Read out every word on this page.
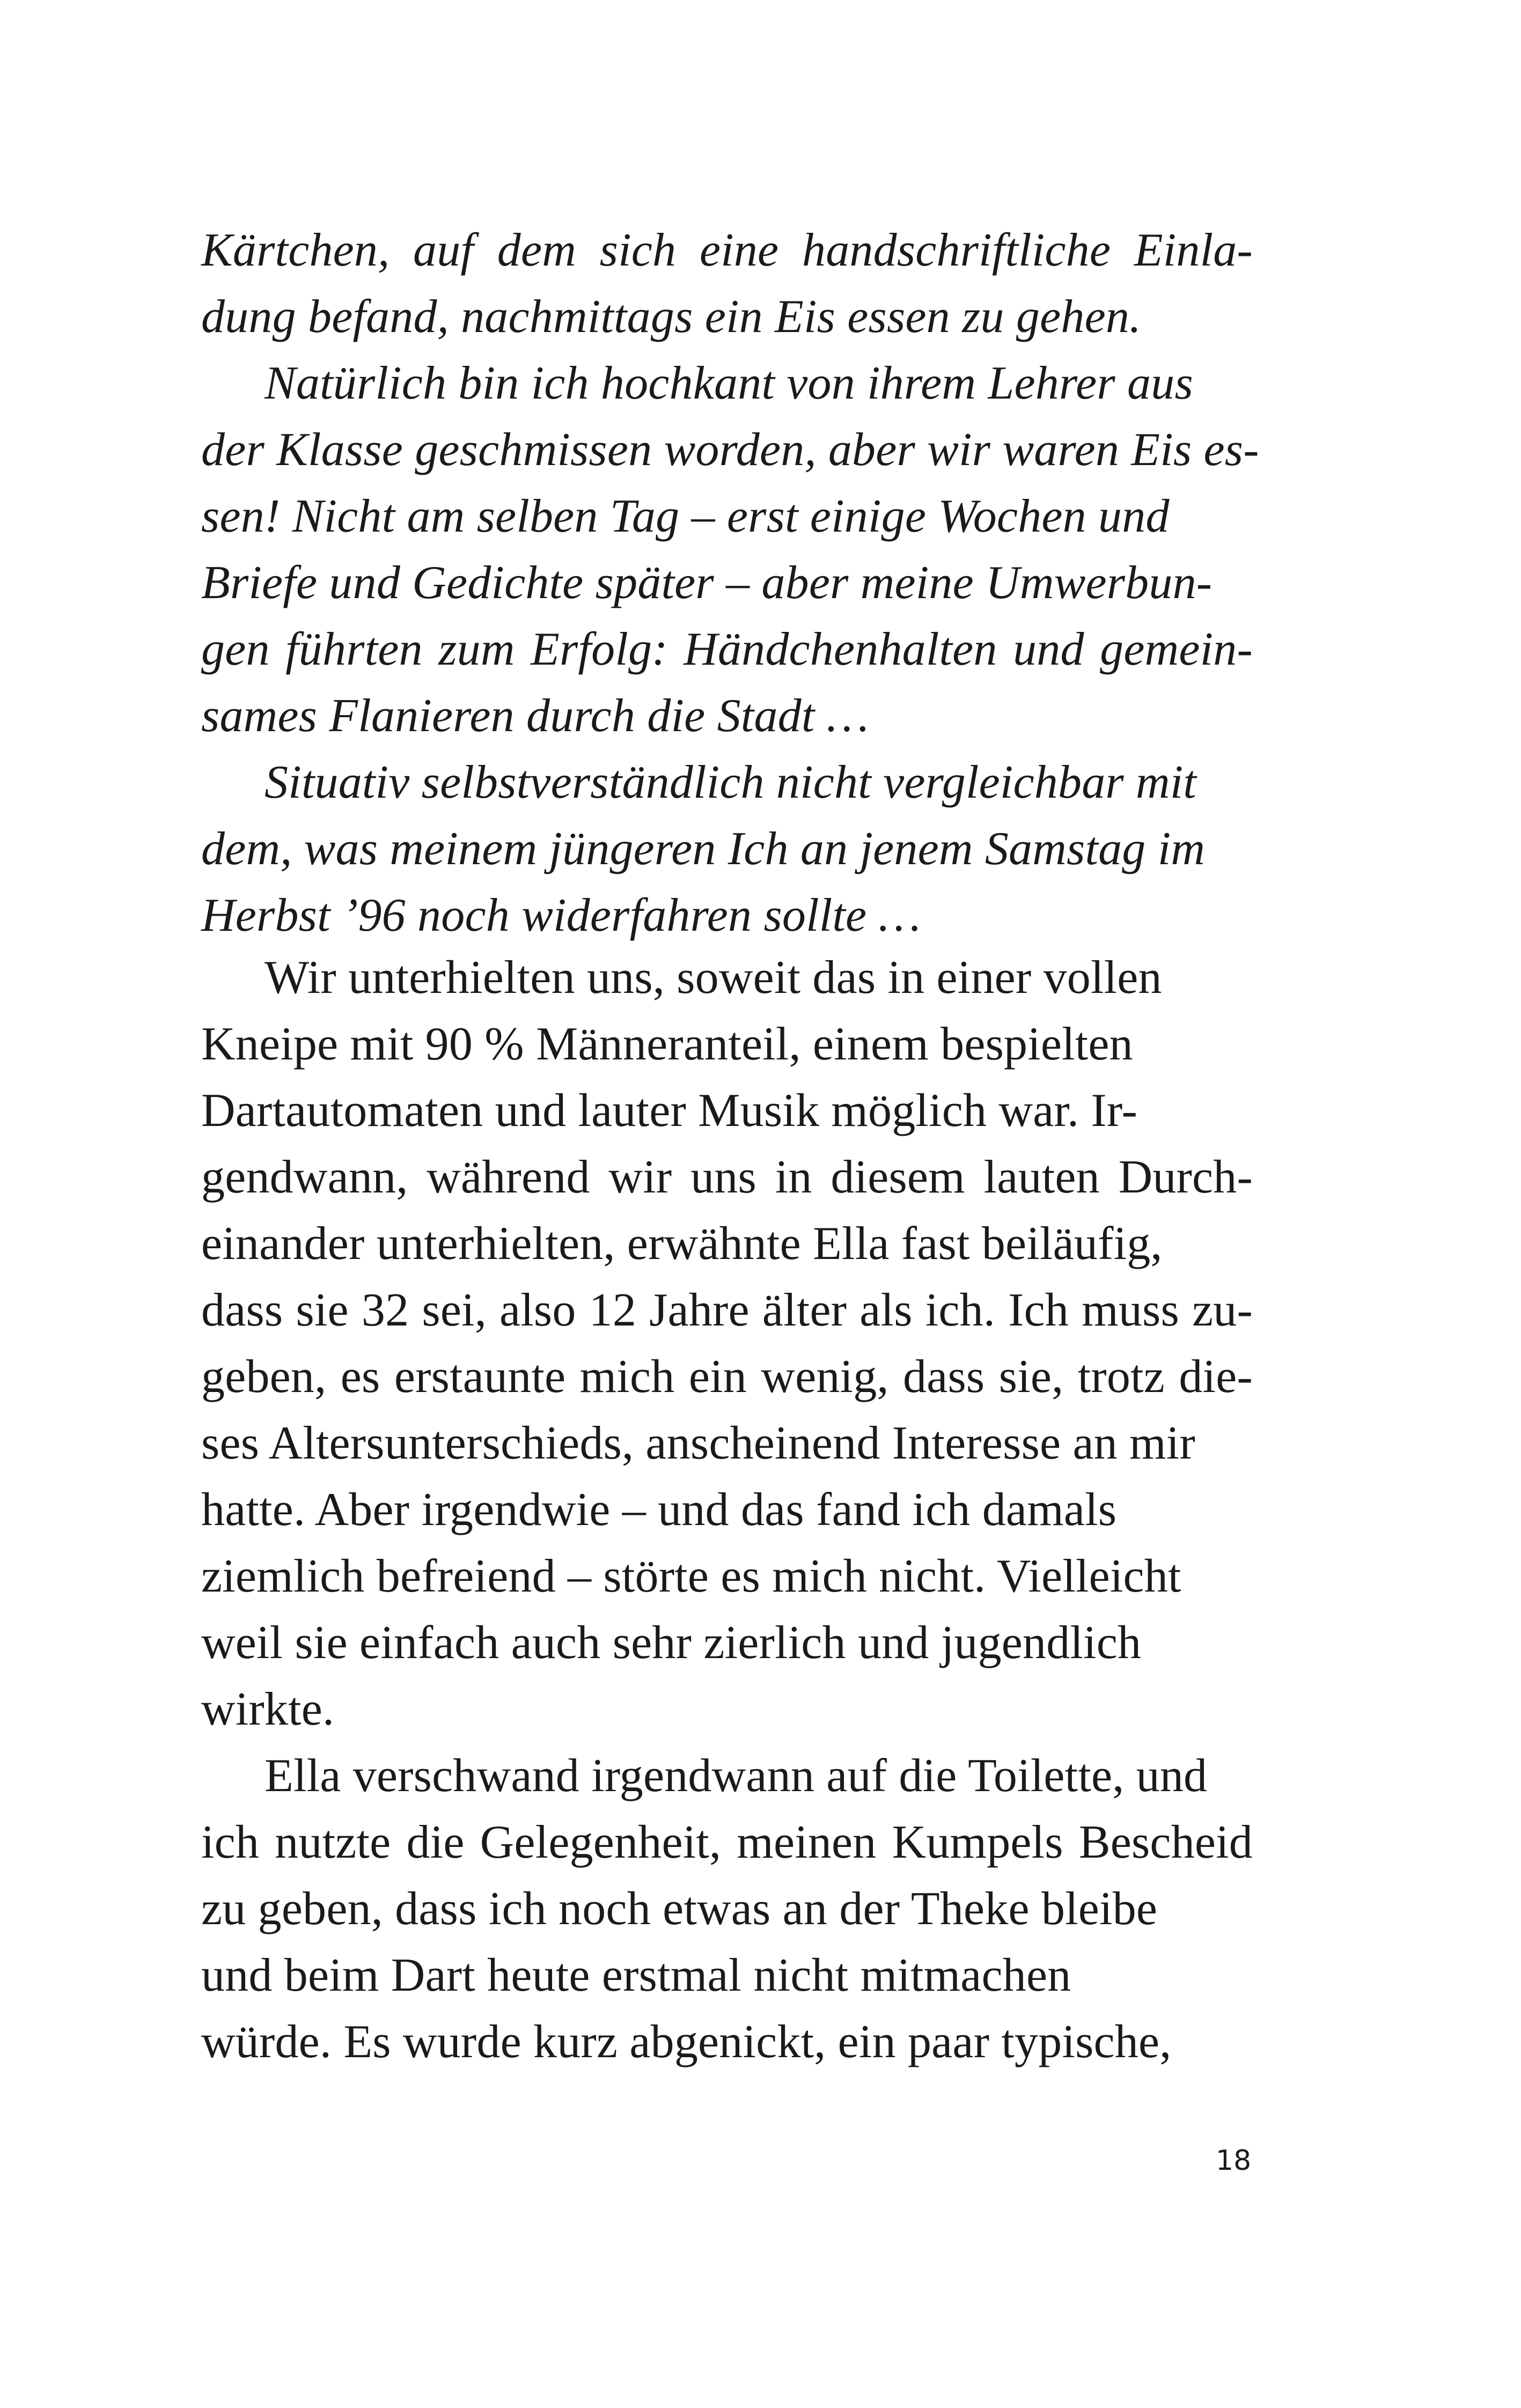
Kärtchen, auf dem sich eine handschriftliche Einla-
dung befand, nachmittags ein Eis essen zu gehen.
Natürlich bin ich hochkant von ihrem Lehrer aus
der Klasse geschmissen worden, aber wir waren Eis es-
sen! Nicht am selben Tag – erst einige Wochen und
Briefe und Gedichte später – aber meine Umwerbun-
gen führten zum Erfolg: Händchenhalten und gemein-
sames Flanieren durch die Stadt …
Situativ selbstverständlich nicht vergleichbar mit
dem, was meinem jüngeren Ich an jenem Samstag im
Herbst ’96 noch widerfahren sollte …
Wir unterhielten uns, soweit das in einer vollen
Kneipe mit 90 % Männeranteil, einem bespielten
Dartautomaten und lauter Musik möglich war. Ir-
gendwann, während wir uns in diesem lauten Durch-
einander unterhielten, erwähnte Ella fast beiläufig,
dass sie 32 sei, also 12 Jahre älter als ich. Ich muss zu-
geben, es erstaunte mich ein wenig, dass sie, trotz die-
ses Altersunterschieds, anscheinend Interesse an mir
hatte. Aber irgendwie – und das fand ich damals
ziemlich befreiend – störte es mich nicht. Vielleicht
weil sie einfach auch sehr zierlich und jugendlich
wirkte.
Ella verschwand irgendwann auf die Toilette, und
ich nutzte die Gelegenheit, meinen Kumpels Bescheid
zu geben, dass ich noch etwas an der Theke bleibe
und beim Dart heute erstmal nicht mitmachen
würde. Es wurde kurz abgenickt, ein paar typische,
18
